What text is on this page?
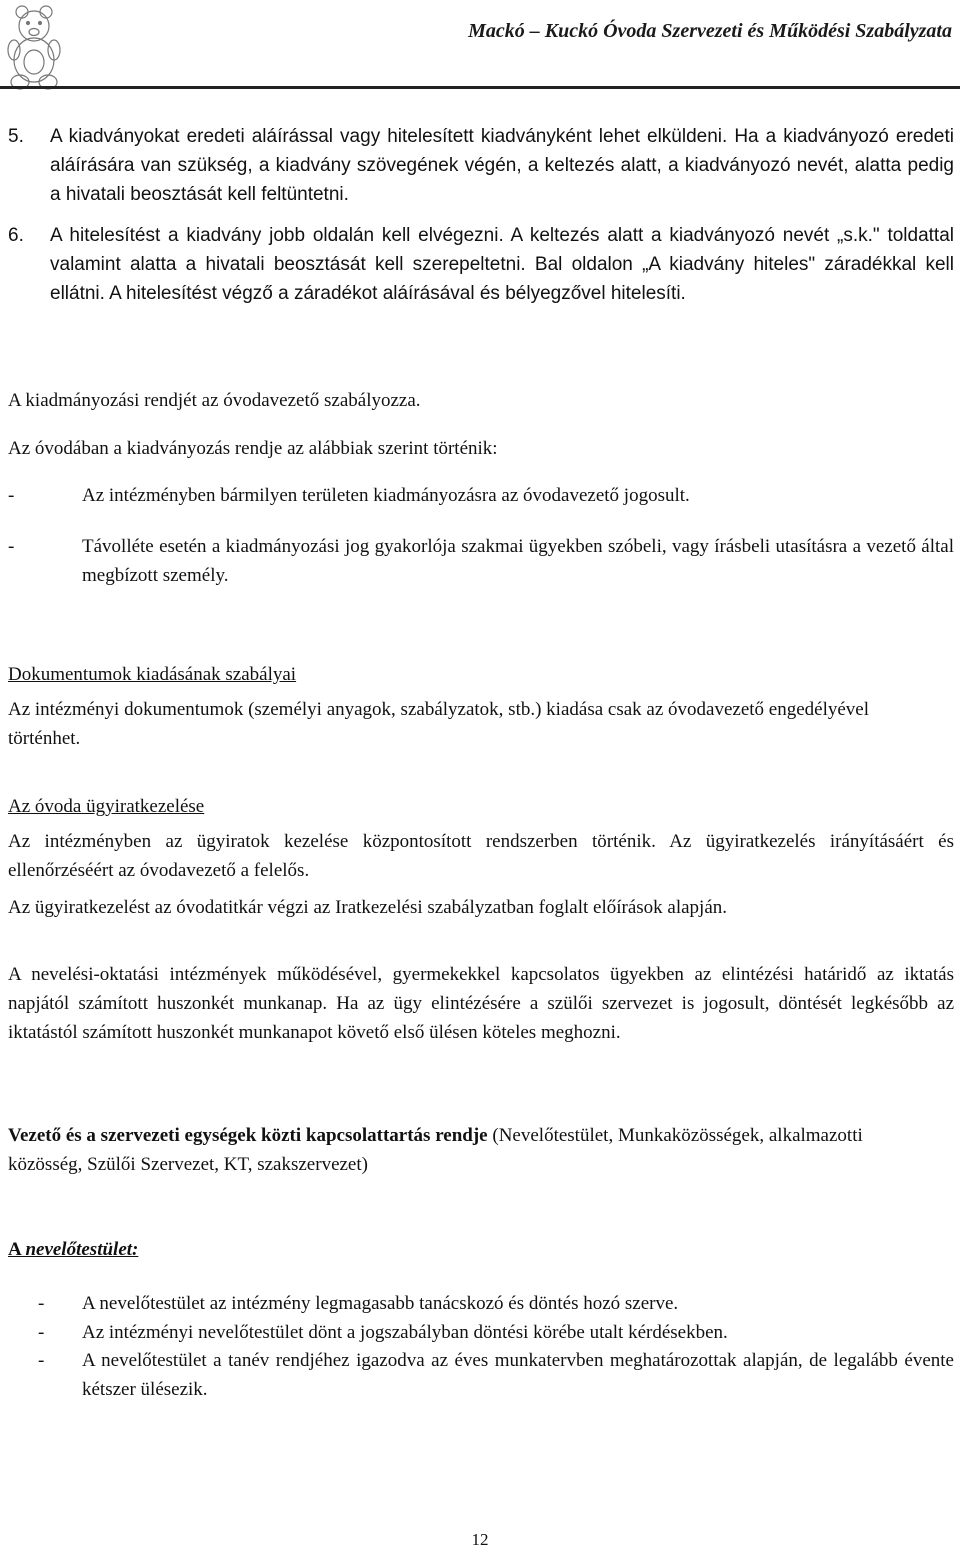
Mackó – Kuckó Óvoda Szervezeti és Működési Szabályzata
5. A kiadványokat eredeti aláírással vagy hitelesített kiadványként lehet elküldeni. Ha a kiadványozó eredeti aláírására van szükség, a kiadvány szövegének végén, a keltezés alatt, a kiadványozó nevét, alatta pedig a hivatali beosztását kell feltüntetni.

6. A hitelesítést a kiadvány jobb oldalán kell elvégezni. A keltezés alatt a kiadványozó nevét „s.k." toldattal valamint alatta a hivatali beosztását kell szerepeltetni. Bal oldalon „A kiadvány hiteles" záradékkal kell ellátni. A hitelesítést végző a záradékot aláírásával és bélyegzővel hitelesíti.

A kiadmányozási rendjét az óvodavezető szabályozza.

Az óvodában a kiadványozás rendje az alábbiak szerint történik:

-	Az intézményben bármilyen területen kiadmányozásra az óvodavezető jogosult.
-	Távolléte esetén a kiadmányozási jog gyakorlója szakmai ügyekben szóbeli, vagy írásbeli utasításra a vezető által megbízott személy.

Dokumentumok kiadásának szabályai

Az intézményi dokumentumok (személyi anyagok, szabályzatok, stb.) kiadása csak az óvodavezető engedélyével történhet.

Az óvoda ügyiratkezelése

Az intézményben az ügyiratok kezelése központosított rendszerben történik. Az ügyiratkezelés irányításáért és ellenőrzéséért az óvodavezető a felelős.

Az ügyiratkezelést az óvodatitkár végzi az Iratkezelési szabályzatban foglalt előírások alapján.

A nevelési-oktatási intézmények működésével, gyermekekkel kapcsolatos ügyekben az elintézési határidő az iktatás napjától számított huszonkét munkanap. Ha az ügy elintézésére a szülői szervezet is jogosult, döntését legkésőbb az iktatástól számított huszonkét munkanapot követő első ülésen köteles meghozni.

Vezető és a szervezeti egységek közti kapcsolattartás rendje (Nevelőtestület, Munkaközösségek, alkalmazotti közösség, Szülői Szervezet, KT, szakszervezet)

A nevelőtestület:

- A nevelőtestület az intézmény legmagasabb tanácskozó és döntés hozó szerve.
- Az intézményi nevelőtestület dönt a jogszabályban döntési körébe utalt kérdésekben.
- A nevelőtestület a tanév rendjéhez igazodva az éves munkatervben meghatározottak alapján, de legalább évente kétszer ülésezik.
12
